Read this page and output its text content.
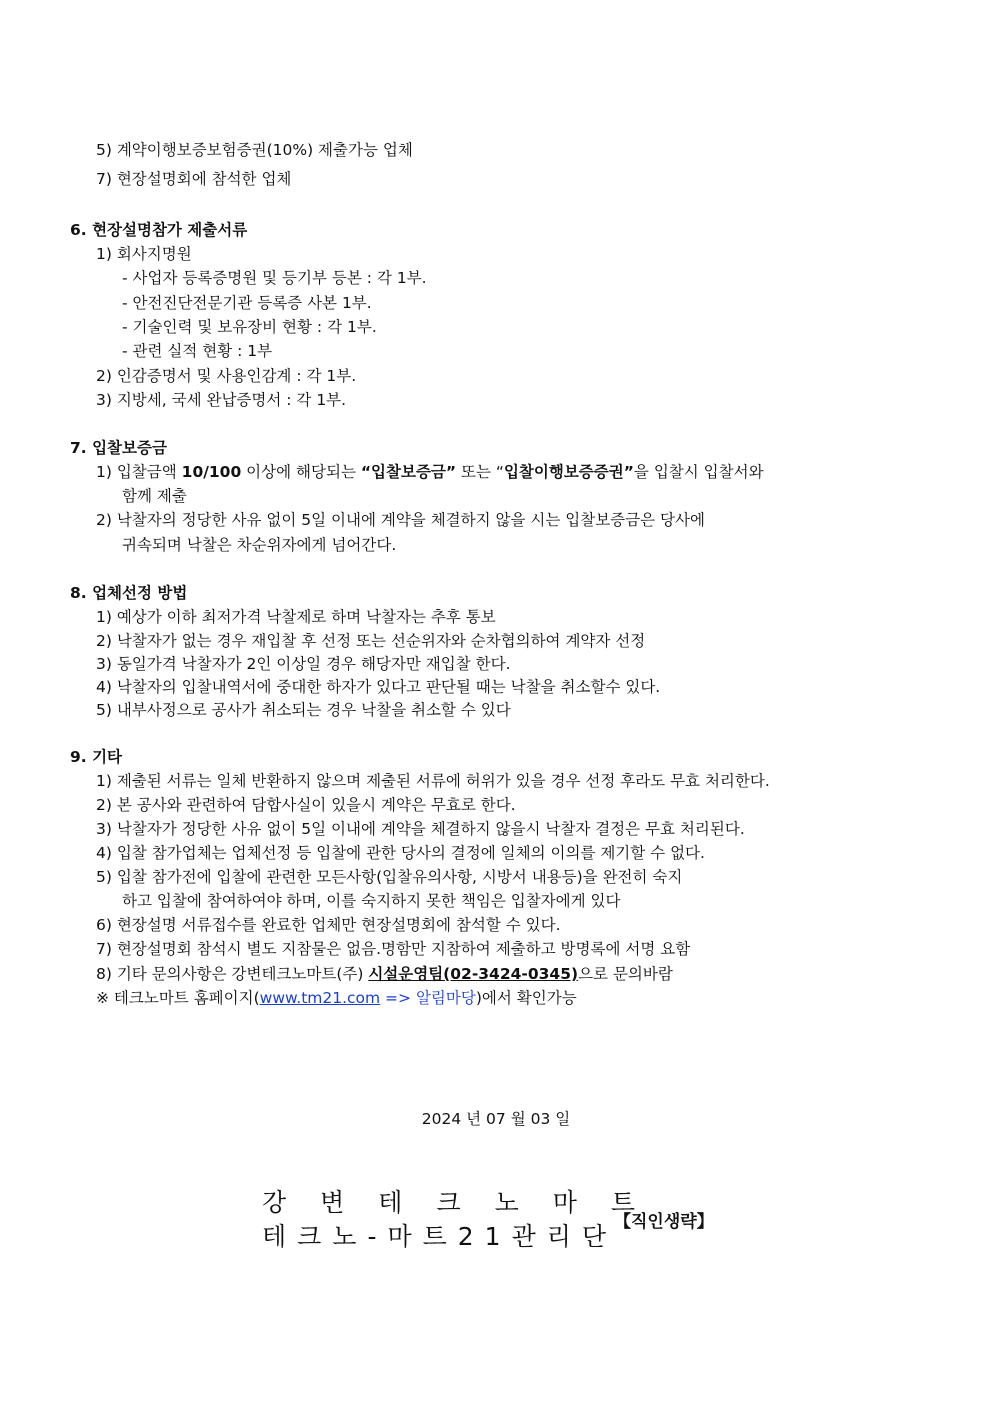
5) 계약이행보증보험증권(10%) 제출가능 업체
7) 현장설명회에 참석한 업체
6. 현장설명참가 제출서류
1) 회사지명원
- 사업자 등록증명원 및 등기부 등본 : 각 1부.
- 안전진단전문기관 등록증 사본 1부.
- 기술인력 및 보유장비 현황 : 각 1부.
- 관련 실적 현황 : 1부
2) 인감증명서 및 사용인감계 : 각 1부.
3) 지방세, 국세 완납증명서 : 각 1부.
7. 입찰보증금
1) 입찰금액 10/100 이상에 해당되는 “입찰보증금” 또는 “입찰이행보증증권”을 입찰시 입찰서와
함께 제출
2) 낙찰자의 정당한 사유 없이 5일 이내에 계약을 체결하지 않을 시는 입찰보증금은 당사에
귀속되며 낙찰은 차순위자에게 넘어간다.
8. 업체선정 방법
1) 예상가 이하 최저가격 낙찰제로 하며 낙찰자는 추후 통보
2) 낙찰자가 없는 경우 재입찰 후 선정 또는 선순위자와 순차협의하여 계약자 선정
3) 동일가격 낙찰자가 2인 이상일 경우 해당자만 재입찰 한다.
4) 낙찰자의 입찰내역서에 중대한 하자가 있다고 판단될 때는 낙찰을 취소할수 있다.
5) 내부사정으로 공사가 취소되는 경우 낙찰을 취소할 수 있다
9. 기타
1) 제출된 서류는 일체 반환하지 않으며 제출된 서류에 허위가 있을 경우 선정 후라도 무효 처리한다.
2) 본 공사와 관련하여 담합사실이 있을시 계약은 무효로 한다.
3) 낙찰자가 정당한 사유 없이 5일 이내에 계약을 체결하지 않을시 낙찰자 결정은 무효 처리된다.
4) 입찰 참가업체는 업체선정 등 입찰에 관한 당사의 결정에 일체의 이의를 제기할 수 없다.
5) 입찰 참가전에 입찰에 관련한 모든사항(입찰유의사항, 시방서 내용등)을 완전히 숙지
하고 입찰에 참여하여야 하며, 이를 숙지하지 못한 책임은 입찰자에게 있다
6) 현장설명 서류접수를 완료한 업체만 현장설명회에 참석할 수 있다.
7) 현장설명회 참석시 별도 지참물은 없음.명함만 지참하여 제출하고 방명록에 서명 요함
8) 기타 문의사항은 강변테크노마트(주) 시설운영팀(02-3424-0345)으로 문의바람
※ 테크노마트 홈페이지(www.tm21.com => 알림마당)에서 확인가능
2024 년 07 월 03 일
강변테크노마트
테크노-마트21관리단
【직인생략】
